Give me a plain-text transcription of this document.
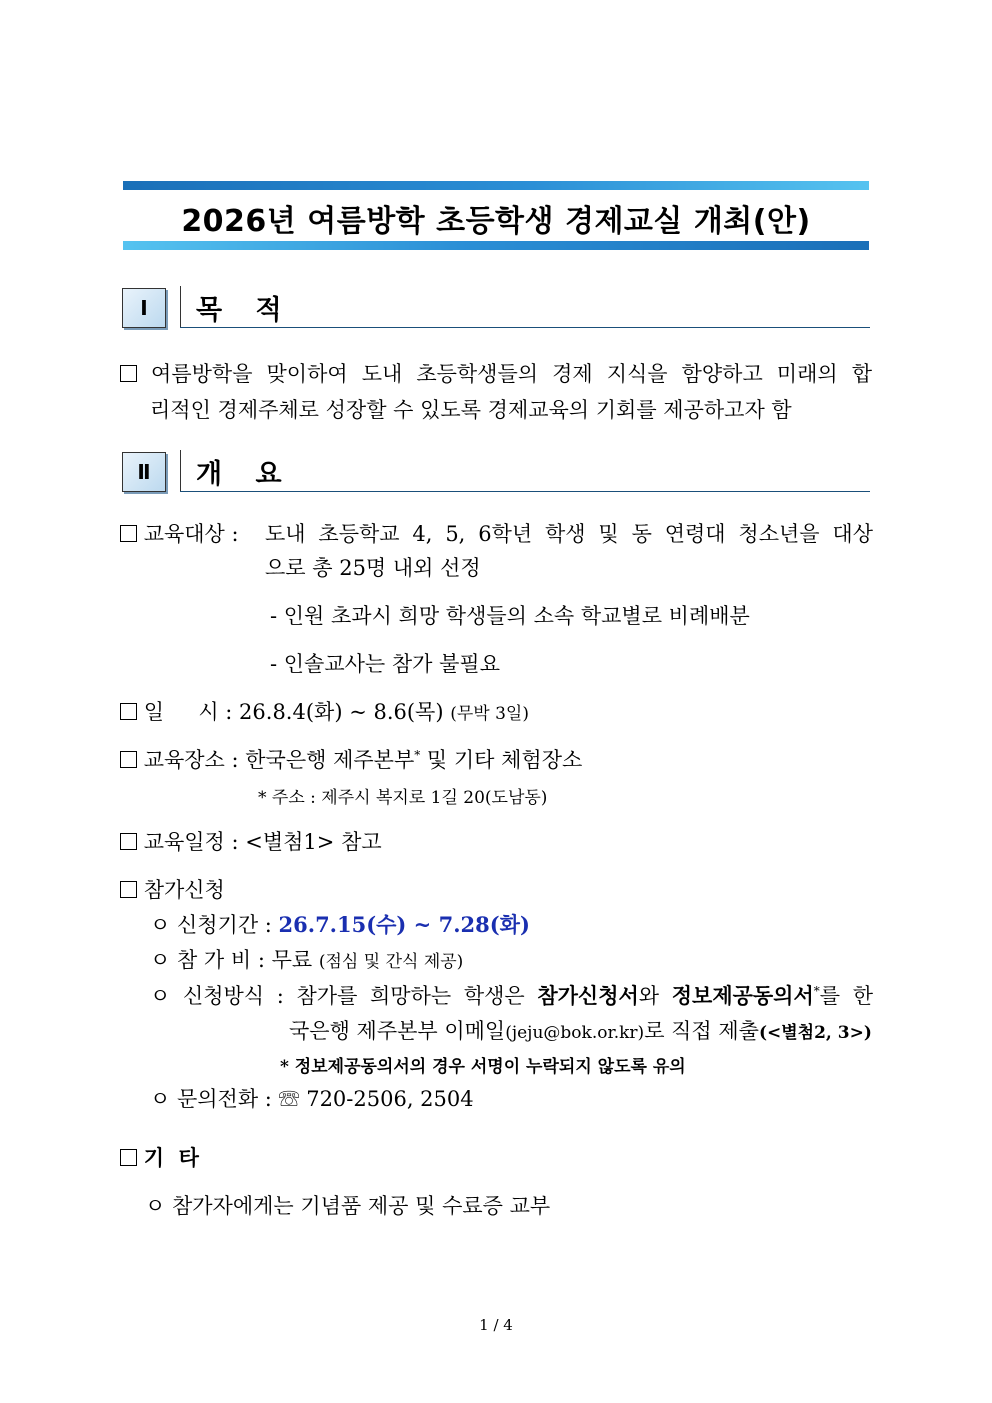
2026년 여름방학 초등학생 경제교실 개최(안)
Ⅰ	목 적
여름방학을 맞이하여 도내 초등학생들의 경제 지식을 함양하고 미래의 합
리적인 경제주체로 성장할 수 있도록 경제교육의 기회를 제공하고자 함
Ⅱ	개 요
교육대상 : 도내 초등학교 4, 5, 6학년 학생 및 동 연령대 청소년을 대상
으로 총 25명 내외 선정
- 인원 초과시 희망 학생들의 소속 학교별로 비례배분
- 인솔교사는 참가 불필요
일 　 시 : 26.8.4(화) ~ 8.6(목) (무박 3일)
교육장소 : 한국은행 제주본부* 및 기타 체험장소
* 주소 : 제주시 복지로 1길 20(도남동)
교육일정 : <별첨1> 참고
참가신청
ㅇ 신청기간 : 26.7.15(수) ~ 7.28(화)
ㅇ 참 가 비 : 무료 (점심 및 간식 제공)
ㅇ 신청방식 : 참가를 희망하는 학생은 참가신청서와 정보제공동의서*를 한
국은행 제주본부 이메일(jeju@bok.or.kr)로 직접 제출(<별첨2, 3>)
* 정보제공동의서의 경우 서명이 누락되지 않도록 유의
ㅇ 문의전화 : ☏ 720-2506, 2504
기  타
ㅇ 참가자에게는 기념품 제공 및 수료증 교부
1 / 4
